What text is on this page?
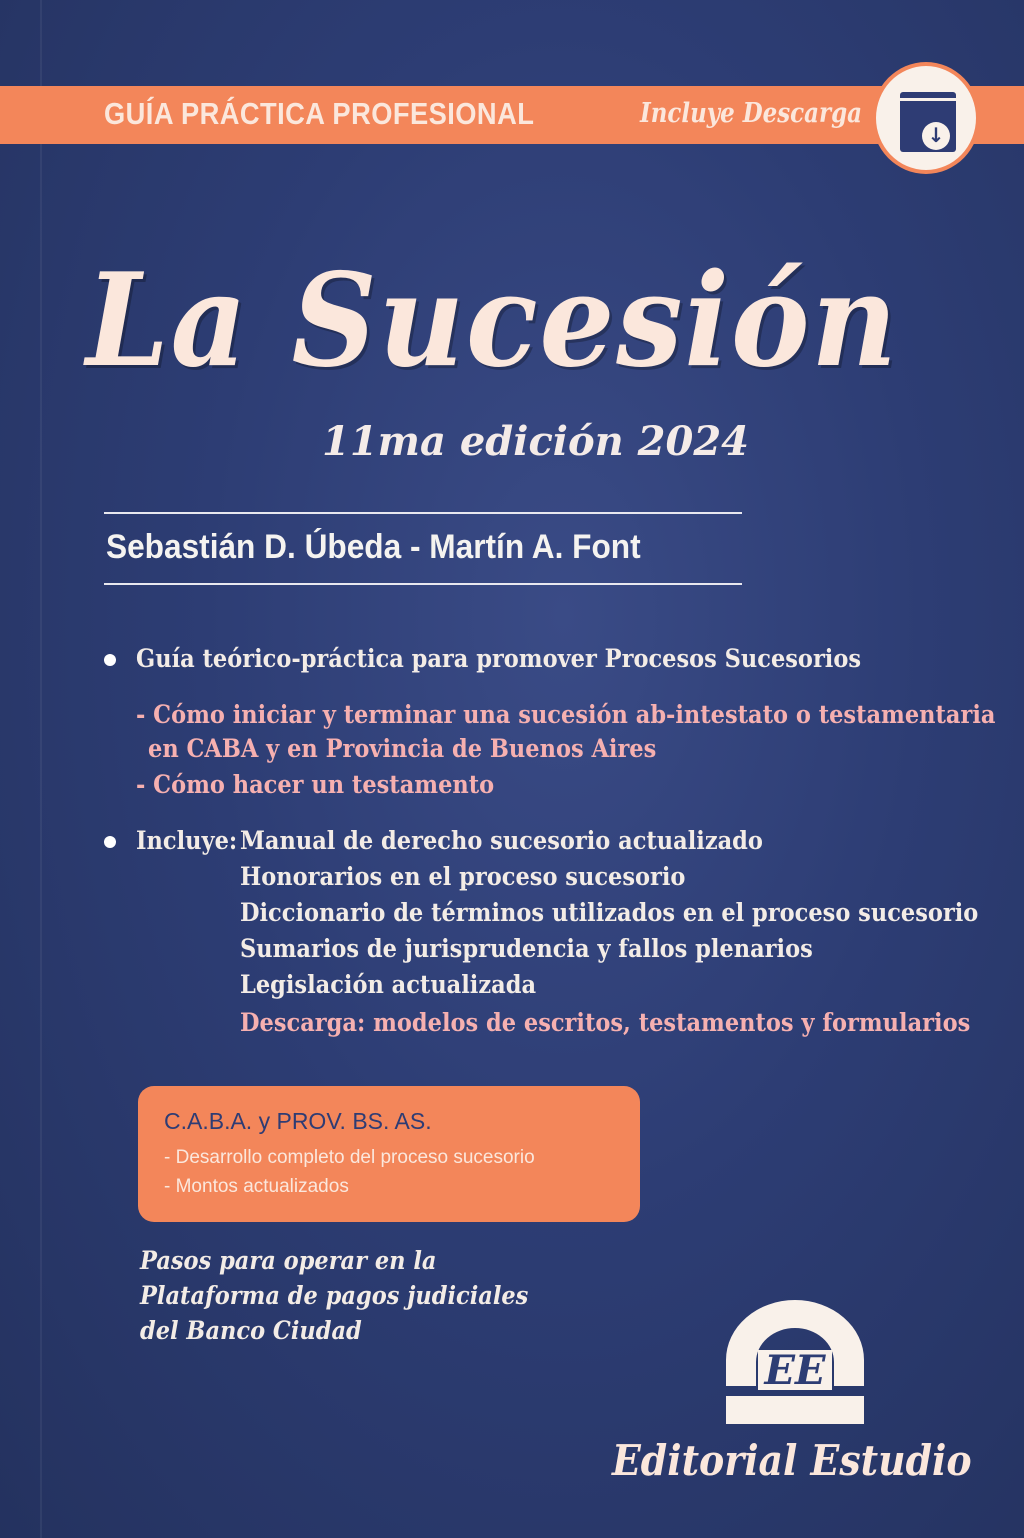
GUÍA PRÁCTICA PROFESIONAL	Incluye Descarga
↓
La Sucesión
11ma edición 2024
Sebastián D. Úbeda - Martín A. Font
Guía teórico-práctica para promover Procesos Sucesorios
- Cómo iniciar y terminar una sucesión ab-intestato o testamentaria
en CABA y en Provincia de Buenos Aires
- Cómo hacer un testamento
Incluye: Manual de derecho sucesorio actualizado
Honorarios en el proceso sucesorio
Diccionario de términos utilizados en el proceso sucesorio
Sumarios de jurisprudencia y fallos plenarios
Legislación actualizada
Descarga: modelos de escritos, testamentos y formularios
C.A.B.A. y PROV. BS. AS.
- Desarrollo completo del proceso sucesorio
- Montos actualizados
Pasos para operar en la
Plataforma de pagos judiciales
del Banco Ciudad
EE
Editorial Estudio
